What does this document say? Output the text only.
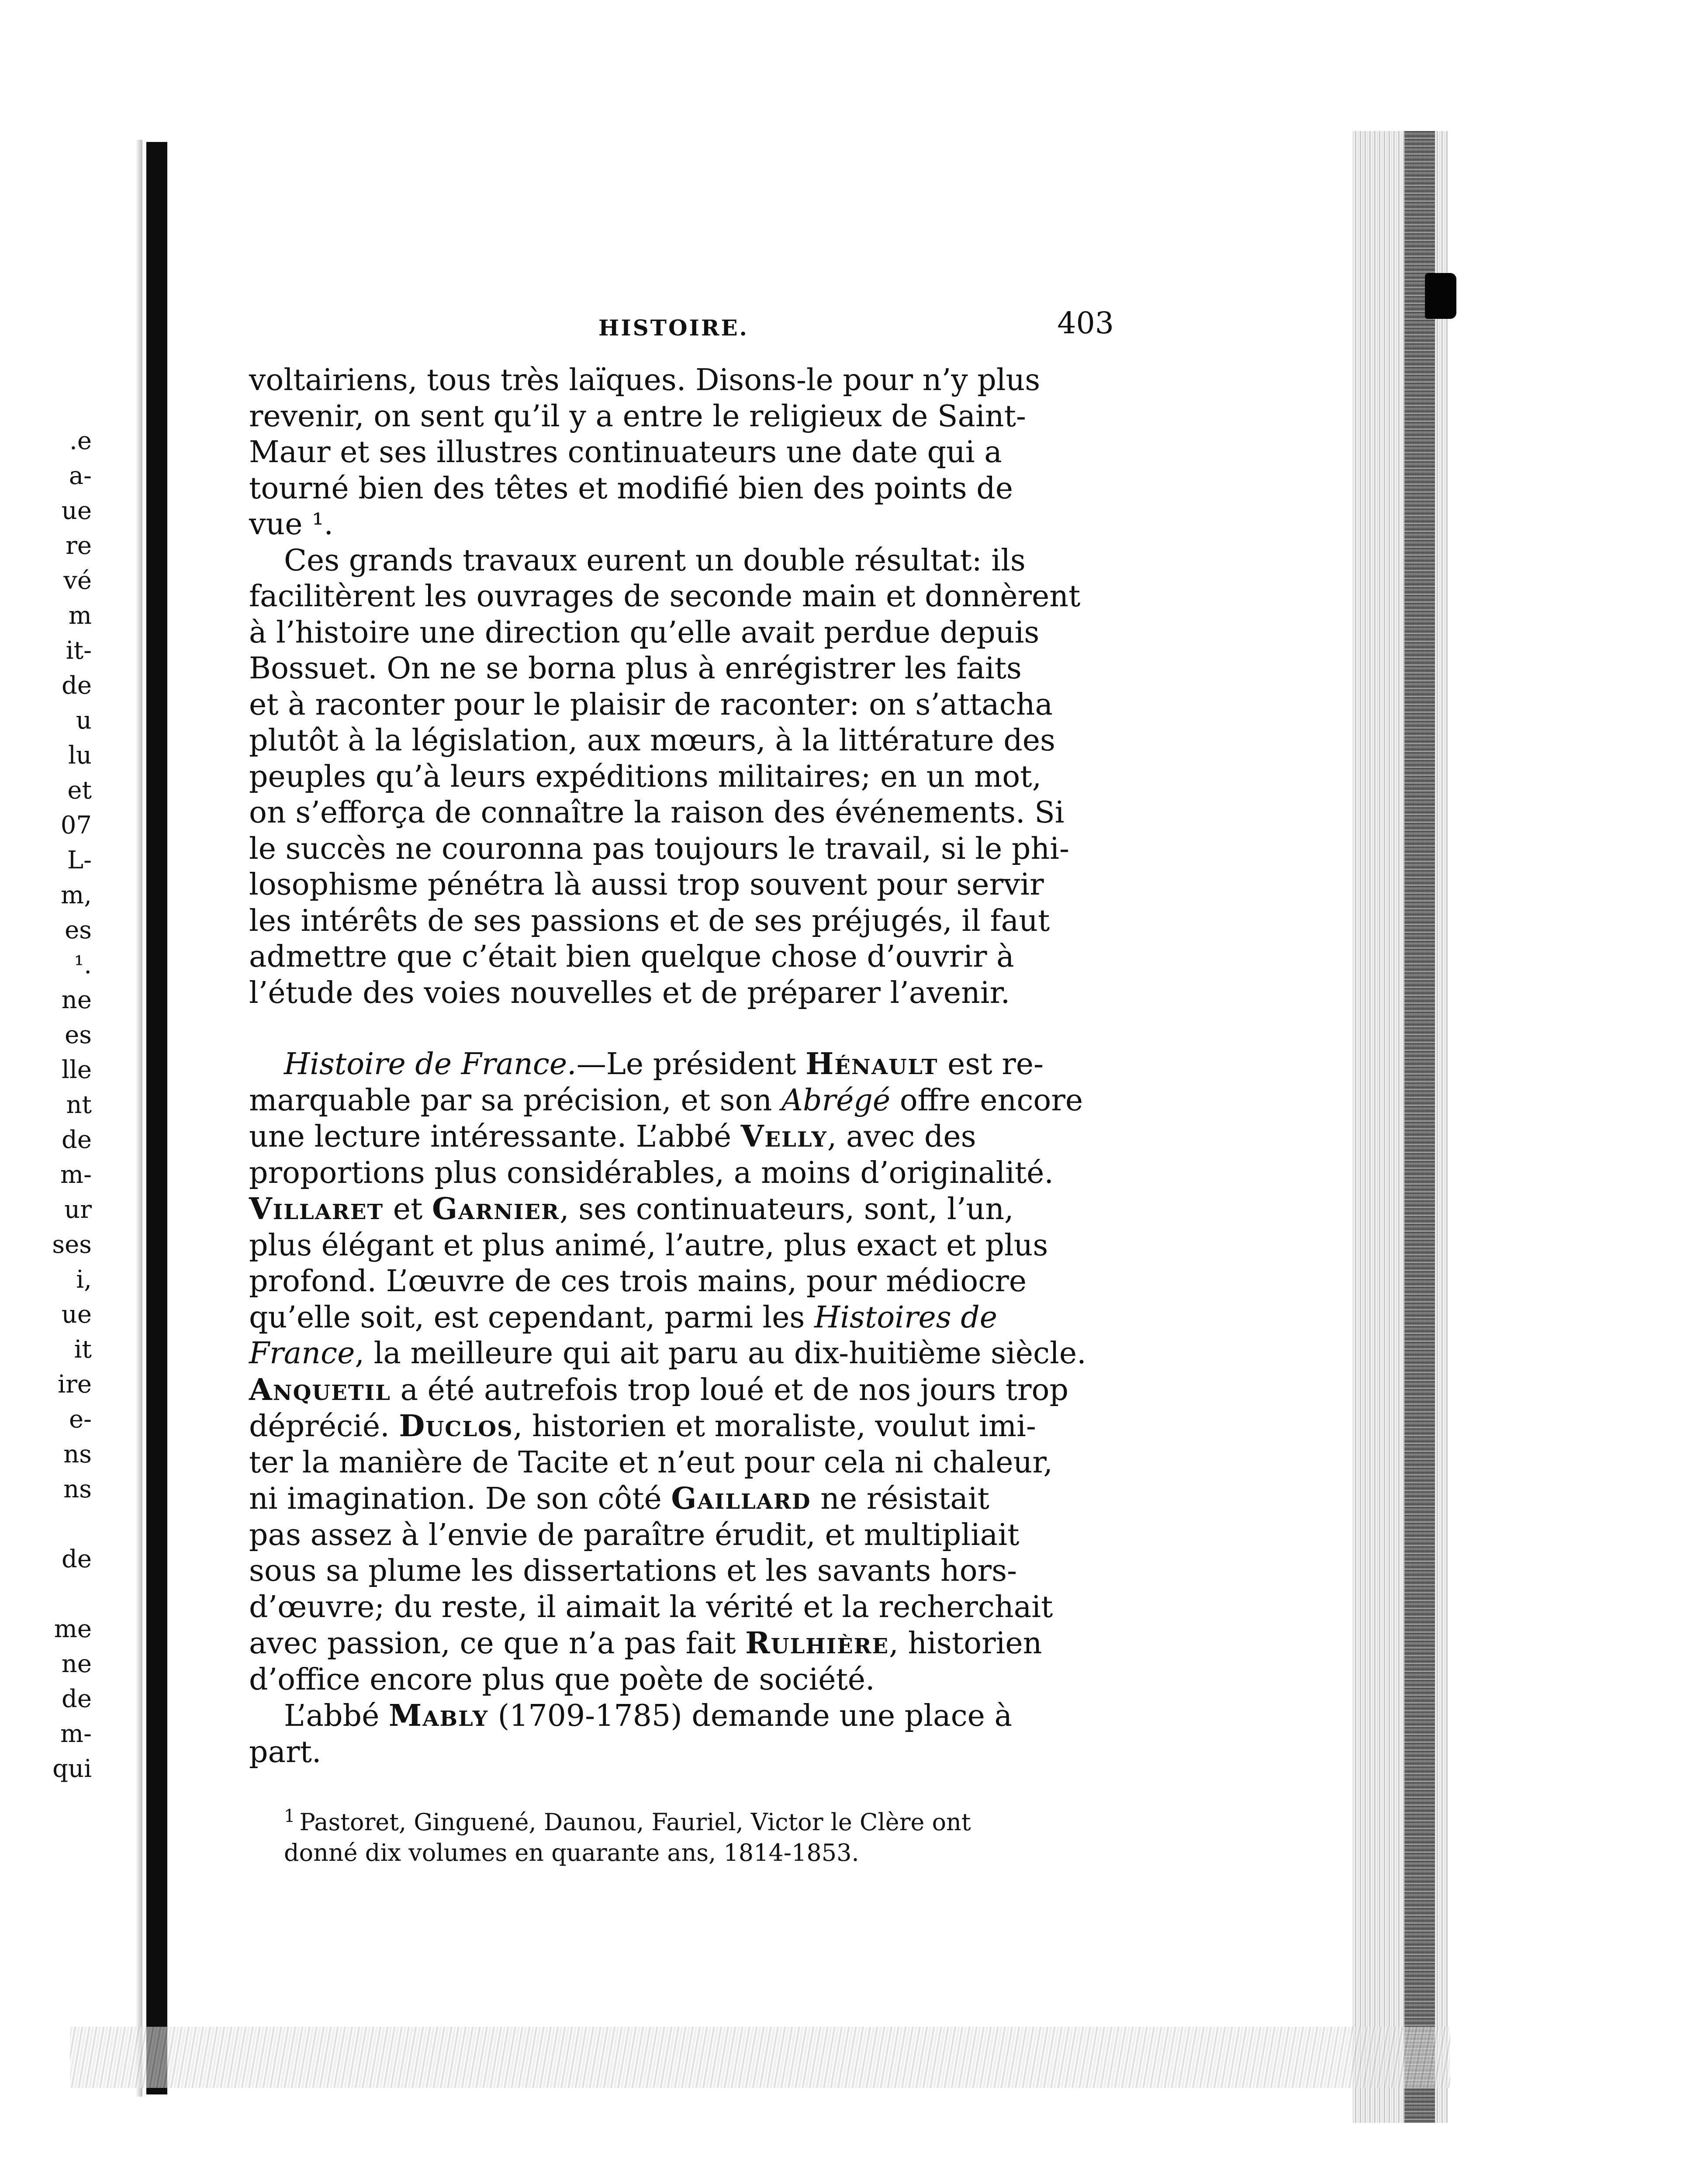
.e
a-
ue
re
vé
m
it-
de
u
lu
et
07
L-
m,
es
¹.
ne
es
lle
nt
de
m-
ur
ses
i,
ue
it
ire
e-
ns
ns
de
me
ne
de
m-
qui
HISTOIRE.	403

voltairiens, tous très laïques. Disons-le pour n’y plus

revenir, on sent qu’il y a entre le religieux de Saint-

Maur et ses illustres continuateurs une date qui a

tourné bien des têtes et modifié bien des points de

vue ¹.

Ces grands travaux eurent un double résultat: ils

facilitèrent les ouvrages de seconde main et donnèrent

à l’histoire une direction qu’elle avait perdue depuis

Bossuet. On ne se borna plus à enrégistrer les faits

et à raconter pour le plaisir de raconter: on s’attacha

plutôt à la législation, aux mœurs, à la littérature des

peuples qu’à leurs expéditions militaires; en un mot,

on s’efforça de connaître la raison des événements. Si

le succès ne couronna pas toujours le travail, si le phi-

losophisme pénétra là aussi trop souvent pour servir

les intérêts de ses passions et de ses préjugés, il faut

admettre que c’était bien quelque chose d’ouvrir à

l’étude des voies nouvelles et de préparer l’avenir.

Histoire de France.—Le président Hénault est re-

marquable par sa précision, et son Abrégé offre encore

une lecture intéressante. L’abbé Velly, avec des

proportions plus considérables, a moins d’originalité.

Villaret et Garnier, ses continuateurs, sont, l’un,

plus élégant et plus animé, l’autre, plus exact et plus

profond. L’œuvre de ces trois mains, pour médiocre

qu’elle soit, est cependant, parmi les Histoires de

France, la meilleure qui ait paru au dix-huitième siècle.

Anquetil a été autrefois trop loué et de nos jours trop

déprécié. Duclos, historien et moraliste, voulut imi-

ter la manière de Tacite et n’eut pour cela ni chaleur,

ni imagination. De son côté Gaillard ne résistait

pas assez à l’envie de paraître érudit, et multipliait

sous sa plume les dissertations et les savants hors-

d’œuvre; du reste, il aimait la vérité et la recherchait

avec passion, ce que n’a pas fait Rulhière, historien

d’office encore plus que poète de société.

L’abbé Mably (1709-1785) demande une place à

part.

$^1$ Pastoret, Ginguené, Daunou, Fauriel, Victor le Clère ont
donné dix volumes en quarante ans, 1814-1853.
